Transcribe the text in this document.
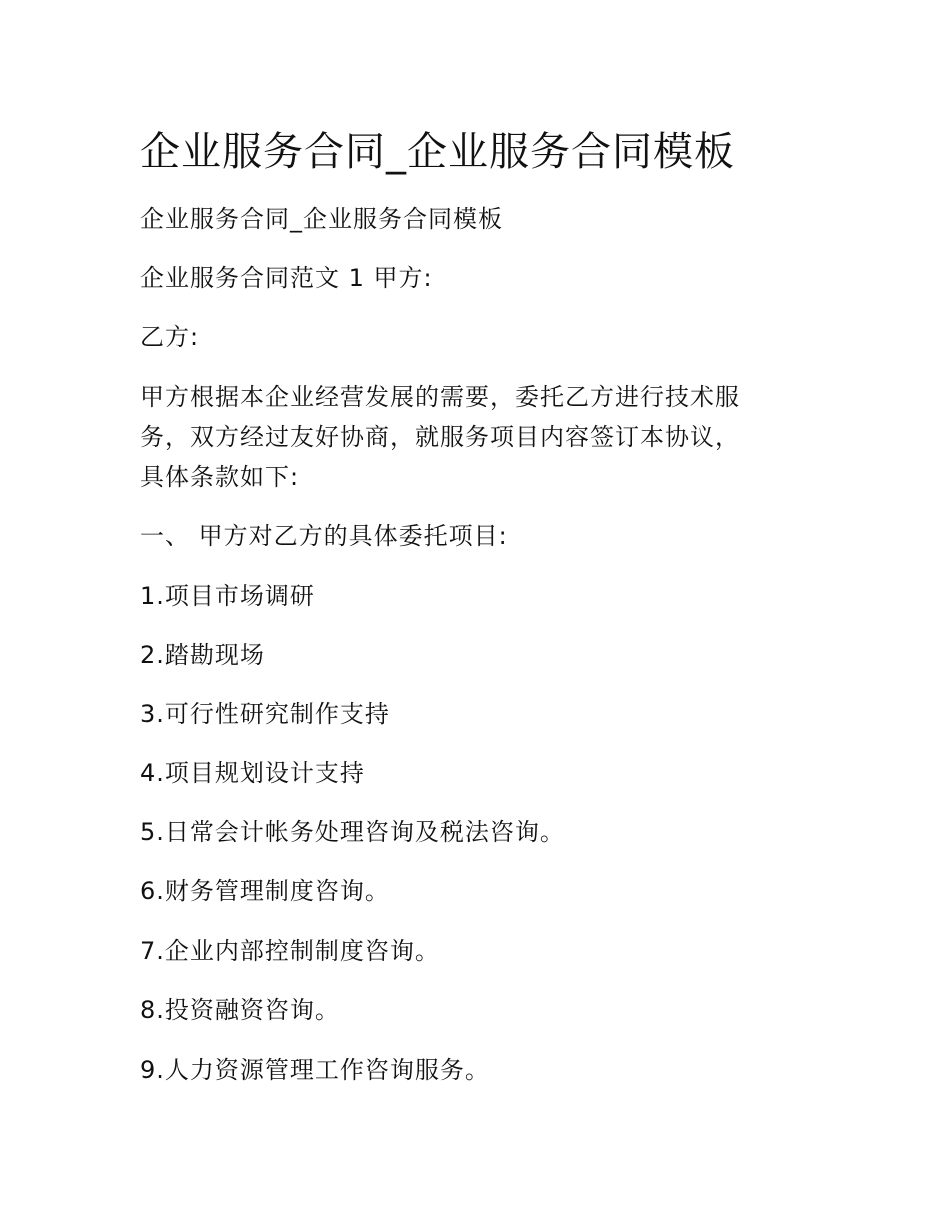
企业服务合同_企业服务合同模板

企业服务合同_企业服务合同模板

企业服务合同范文 1 甲方:

乙方:

甲方根据本企业经营发展的需要，委托乙方进行技术服
务，双方经过友好协商，就服务项目内容签订本协议，
具体条款如下:

一、 甲方对乙方的具体委托项目:

1.项目市场调研

2.踏勘现场

3.可行性研究制作支持

4.项目规划设计支持

5.日常会计帐务处理咨询及税法咨询。

6.财务管理制度咨询。

7.企业内部控制制度咨询。

8.投资融资咨询。

9.人力资源管理工作咨询服务。
